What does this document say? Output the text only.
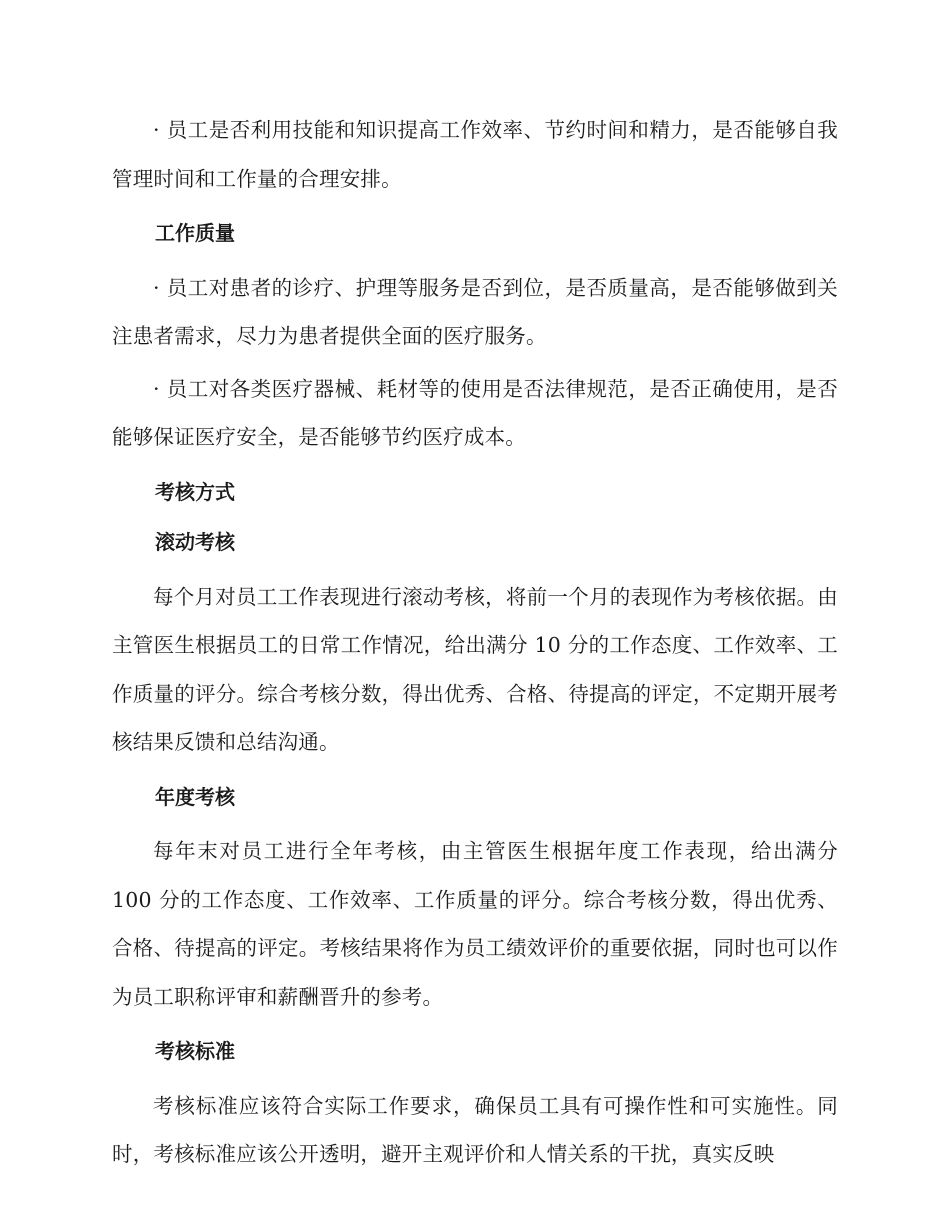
· 员工是否利用技能和知识提高工作效率、节约时间和精力，是否能够自我管理时间和工作量的合理安排。

工作质量

· 员工对患者的诊疗、护理等服务是否到位，是否质量高，是否能够做到关注患者需求，尽力为患者提供全面的医疗服务。

· 员工对各类医疗器械、耗材等的使用是否法律规范，是否正确使用，是否能够保证医疗安全，是否能够节约医疗成本。

考核方式
滚动考核

每个月对员工工作表现进行滚动考核，将前一个月的表现作为考核依据。由主管医生根据员工的日常工作情况，给出满分 10 分的工作态度、工作效率、工作质量的评分。综合考核分数，得出优秀、合格、待提高的评定，不定期开展考核结果反馈和总结沟通。

年度考核

每年末对员工进行全年考核，由主管医生根据年度工作表现，给出满分 100 分的工作态度、工作效率、工作质量的评分。综合考核分数，得出优秀、合格、待提高的评定。考核结果将作为员工绩效评价的重要依据，同时也可以作为员工职称评审和薪酬晋升的参考。

考核标准

考核标准应该符合实际工作要求，确保员工具有可操作性和可实施性。同时，考核标准应该公开透明，避开主观评价和人情关系的干扰，真实反映
